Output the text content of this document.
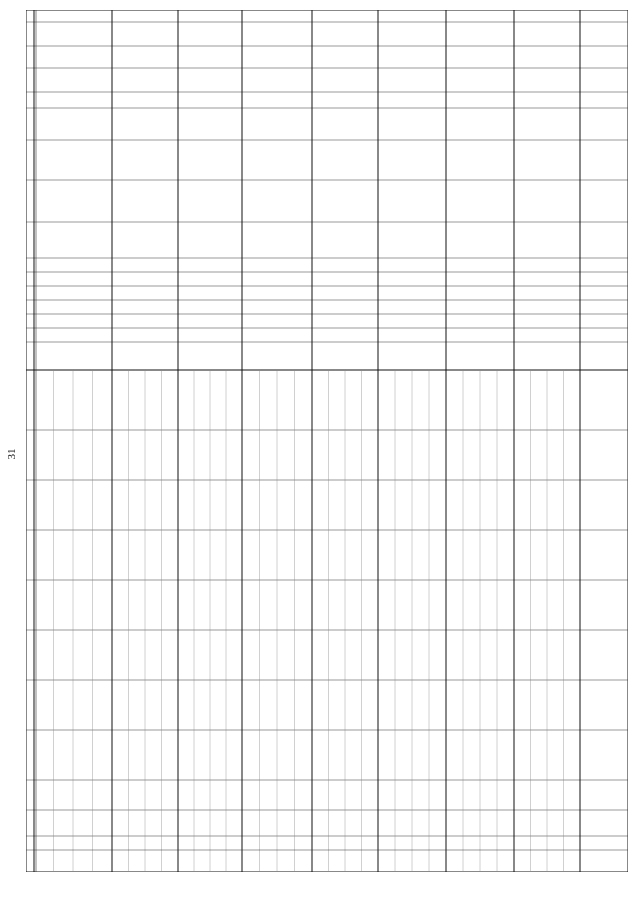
31
